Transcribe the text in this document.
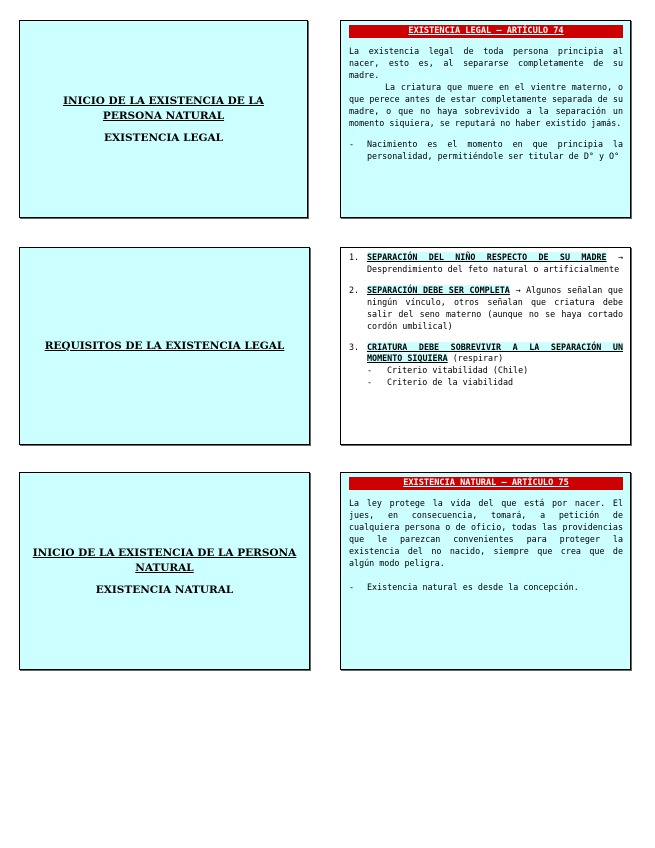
INICIO DE LA EXISTENCIA DE LA PERSONA NATURAL
EXISTENCIA LEGAL
EXISTENCIA LEGAL – ARTÍCULO 74

La existencia legal de toda persona principia al nacer, esto es, al separarse completamente de su madre.

La criatura que muere en el vientre materno, o que perece antes de estar completamente separada de su madre, o que no haya sobrevivido a la separación un momento siquiera, se reputará no haber existido jamás.

-	Nacimiento es el momento en que principia la personalidad, permitiéndole ser titular de D° y O°
REQUISITOS DE LA EXISTENCIA LEGAL
1. SEPARACIÓN DEL NIÑO RESPECTO DE SU MADRE → Desprendimiento del feto natural o artificialmente
2. SEPARACIÓN DEBE SER COMPLETA → Algunos señalan que ningún vínculo, otros señalan que criatura debe salir del seno materno (aunque no se haya cortado cordón umbilical)
3. CRIATURA DEBE SOBREVIVIR A LA SEPARACIÓN UN MOMENTO SIQUIERA (respirar)
-	Criterio vitabilidad (Chile)
-	Criterio de la viabilidad
INICIO DE LA EXISTENCIA DE LA PERSONA NATURAL
EXISTENCIA NATURAL
EXISTENCIA NATURAL – ARTÍCULO 75

La ley protege la vida del que está por nacer. El jues, en consecuencia, tomará, a petición de cualquiera persona o de oficio, todas las providencias que le parezcan convenientes para proteger la existencia del no nacido, siempre que crea que de algún modo peligra.

-	Existencia natural es desde la concepción.
